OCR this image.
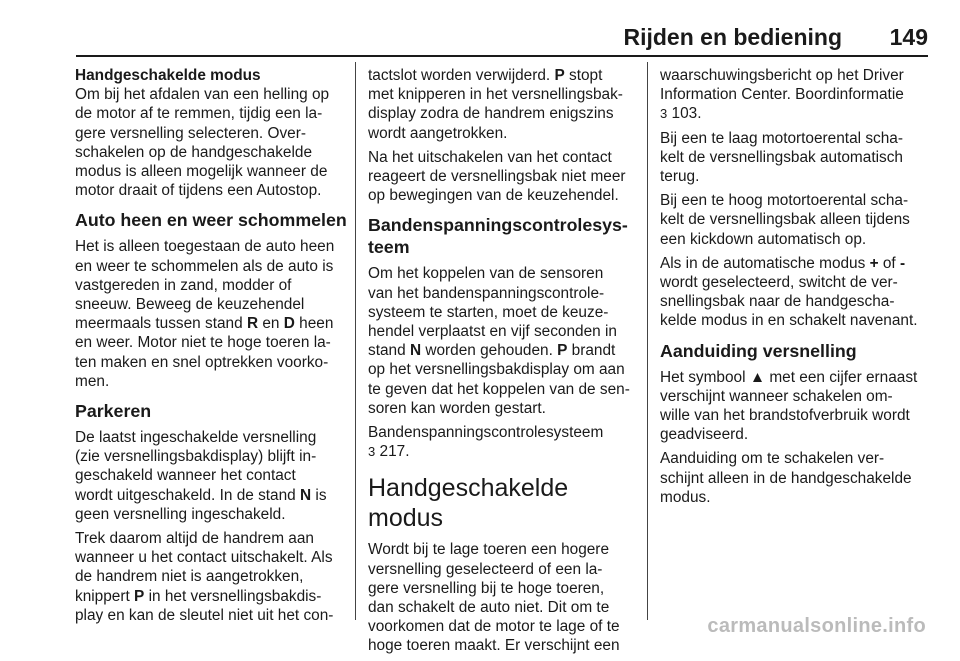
Rijden en bediening 149
Handgeschakelde modus

Om bij het afdalen van een helling op
de motor af te remmen, tijdig een la-
gere versnelling selecteren. Over-
schakelen op de handgeschakelde
modus is alleen mogelijk wanneer de
motor draait of tijdens een Autostop.

Auto heen en weer schommelen

Het is alleen toegestaan de auto heen
en weer te schommelen als de auto is
vastgereden in zand, modder of
sneeuw. Beweeg de keuzehendel
meermaals tussen stand R en D heen
en weer. Motor niet te hoge toeren la-
ten maken en snel optrekken voorko-
men.

Parkeren

De laatst ingeschakelde versnelling
(zie versnellingsbakdisplay) blijft in-
geschakeld wanneer het contact
wordt uitgeschakeld. In de stand N is
geen versnelling ingeschakeld.

Trek daarom altijd de handrem aan
wanneer u het contact uitschakelt. Als
de handrem niet is aangetrokken,
knippert P in het versnellingsbakdis-
play en kan de sleutel niet uit het con-

tactslot worden verwijderd. P stopt
met knipperen in het versnellingsbak-
display zodra de handrem enigszins
wordt aangetrokken.

Na het uitschakelen van het contact
reageert de versnellingsbak niet meer
op bewegingen van de keuzehendel.

Bandenspanningscontrolesys-
teem

Om het koppelen van de sensoren
van het bandenspanningscontrole-
systeem te starten, moet de keuze-
hendel verplaatst en vijf seconden in
stand N worden gehouden. P brandt
op het versnellingsbakdisplay om aan
te geven dat het koppelen van de sen-
soren kan worden gestart.

Bandenspanningscontrolesysteem
3 217.

Handgeschakelde modus

Wordt bij te lage toeren een hogere
versnelling geselecteerd of een la-
gere versnelling bij te hoge toeren,
dan schakelt de auto niet. Dit om te
voorkomen dat de motor te lage of te
hoge toeren maakt. Er verschijnt een

waarschuwingsbericht op het Driver
Information Center. Boordinformatie
3 103.

Bij een te laag motortoerental scha-
kelt de versnellingsbak automatisch
terug.

Bij een te hoog motortoerental scha-
kelt de versnellingsbak alleen tijdens
een kickdown automatisch op.

Als in de automatische modus + of -
wordt geselecteerd, switcht de ver-
snellingsbak naar de handgescha-
kelde modus in en schakelt navenant.

Aanduiding versnelling

Het symbool ▲ met een cijfer ernaast
verschijnt wanneer schakelen om-
wille van het brandstofverbruik wordt
geadviseerd.

Aanduiding om te schakelen ver-
schijnt alleen in de handgeschakelde
modus.

carmanualsonline.info
